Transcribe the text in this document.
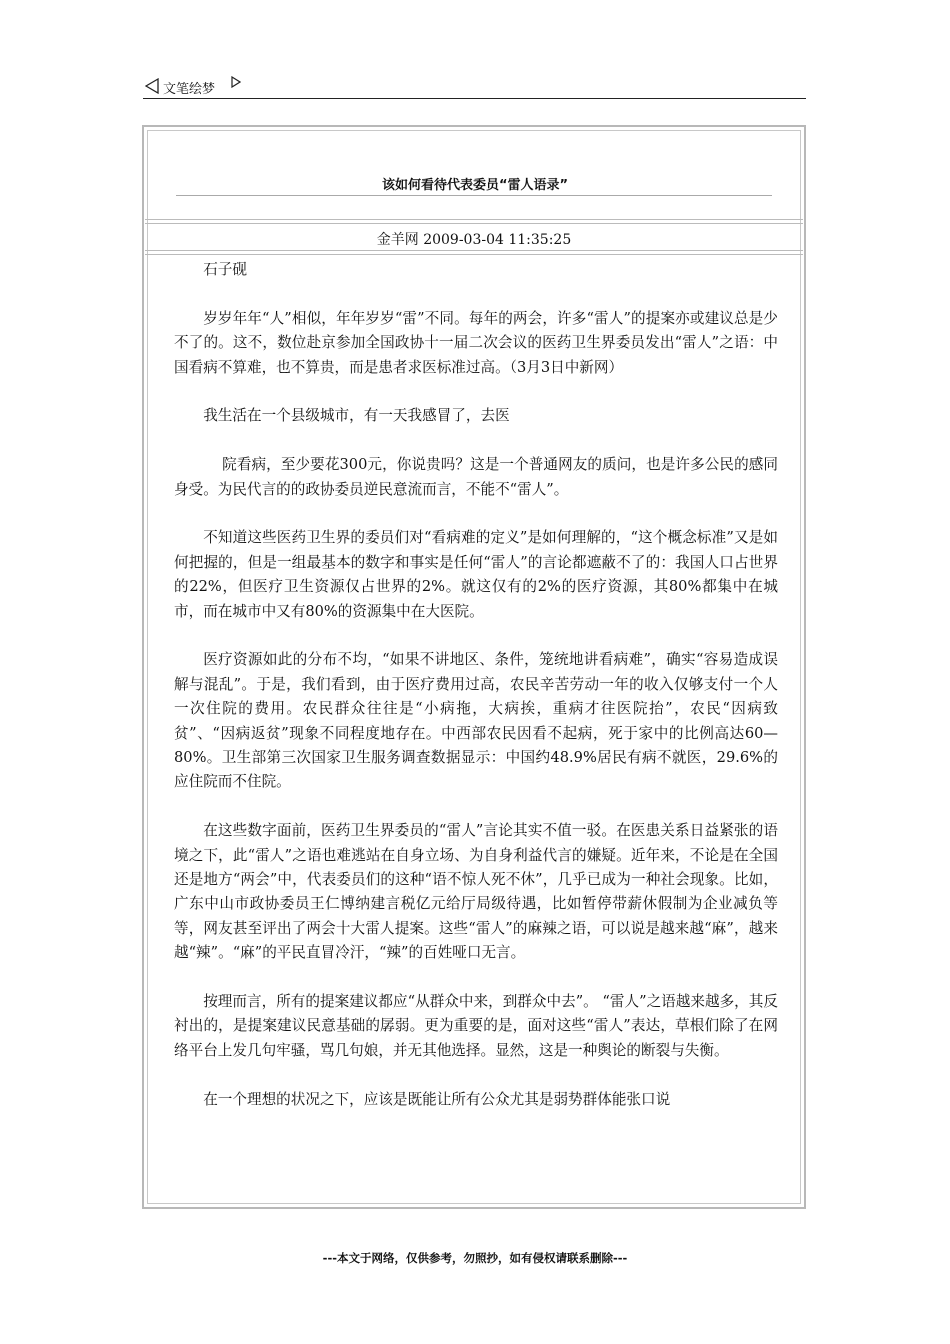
文笔绘梦
该如何看待代表委员“雷人语录”
金羊网 2009-03-04 11:35:25

石子砚

岁岁年年“人”相似，年年岁岁“雷”不同。每年的两会，许多“雷人”的提案亦或建议总是少不了的。这不，数位赴京参加全国政协十一届二次会议的医药卫生界委员发出“雷人”之语：中国看病不算难，也不算贵，而是患者求医标准过高。（3月3日中新网）

我生活在一个县级城市，有一天我感冒了，去医

院看病，至少要花300元，你说贵吗？这是一个普通网友的质问，也是许多公民的感同身受。为民代言的的政协委员逆民意流而言，不能不“雷人”。

不知道这些医药卫生界的委员们对“看病难的定义”是如何理解的，“这个概念标准”又是如何把握的，但是一组最基本的数字和事实是任何“雷人”的言论都遮蔽不了的：我国人口占世界的22%，但医疗卫生资源仅占世界的2%。就这仅有的2%的医疗资源，其80%都集中在城市，而在城市中又有80%的资源集中在大医院。

医疗资源如此的分布不均，“如果不讲地区、条件，笼统地讲看病难”，确实“容易造成误解与混乱”。于是，我们看到，由于医疗费用过高，农民辛苦劳动一年的收入仅够支付一个人一次住院的费用。农民群众往往是“小病拖，大病挨，重病才往医院抬”，农民“因病致贫”、“因病返贫”现象不同程度地存在。中西部农民因看不起病，死于家中的比例高达60—80%。卫生部第三次国家卫生服务调查数据显示：中国约48.9%居民有病不就医，29.6%的应住院而不住院。

在这些数字面前，医药卫生界委员的“雷人”言论其实不值一驳。在医患关系日益紧张的语境之下，此“雷人”之语也难逃站在自身立场、为自身利益代言的嫌疑。近年来，不论是在全国还是地方“两会”中，代表委员们的这种“语不惊人死不休”，几乎已成为一种社会现象。比如，广东中山市政协委员王仁博纳建言税亿元给厅局级待遇，比如暂停带薪休假制为企业减负等等，网友甚至评出了两会十大雷人提案。这些“雷人”的麻辣之语，可以说是越来越“麻”，越来越“辣”。“麻”的平民直冒冷汗，“辣”的百姓哑口无言。

按理而言，所有的提案建议都应“从群众中来，到群众中去”。 “雷人”之语越来越多，其反衬出的，是提案建议民意基础的孱弱。更为重要的是，面对这些“雷人”表达，草根们除了在网络平台上发几句牢骚，骂几句娘，并无其他选择。显然，这是一种舆论的断裂与失衡。

在一个理想的状况之下，应该是既能让所有公众尤其是弱势群体能张口说

---本文于网络，仅供参考，勿照抄，如有侵权请联系删除---
